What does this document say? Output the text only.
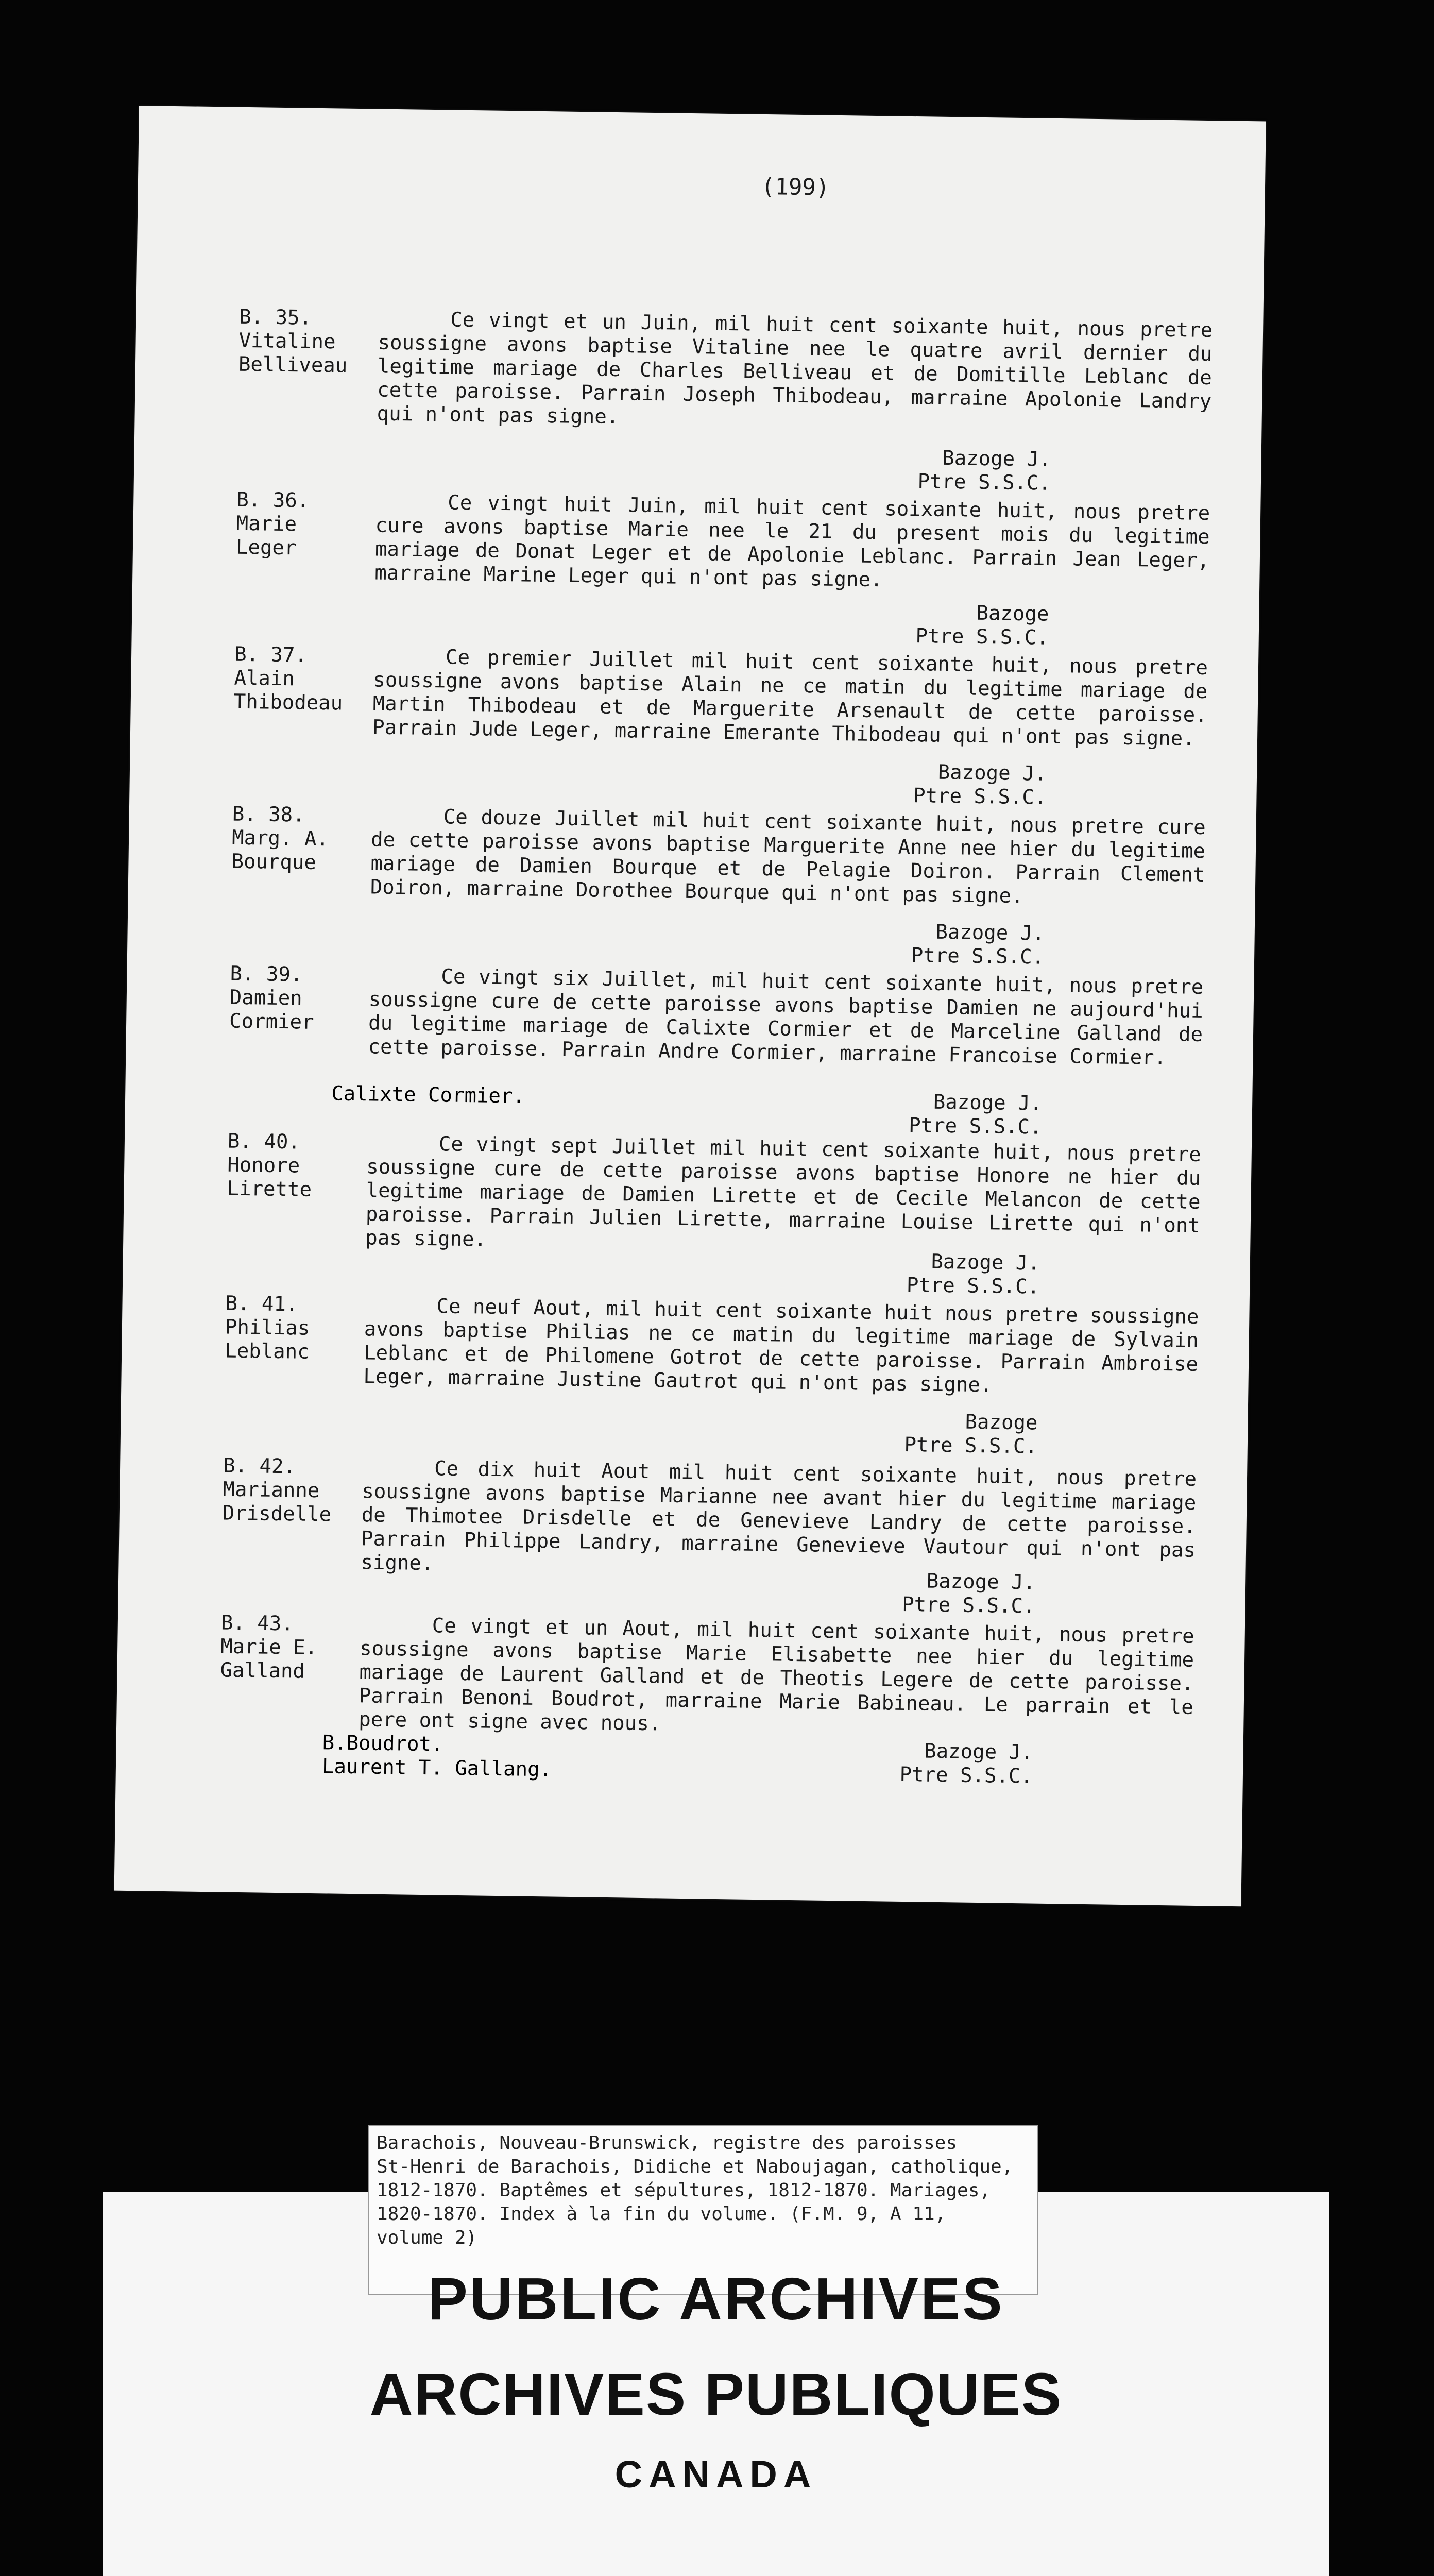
(199)
B. 35.
Vitaline
Belliveau
Ce vingt et un Juin, mil huit cent soixante huit, nous pretre soussigne avons baptise Vitaline nee le quatre avril dernier du legitime mariage de Charles Belliveau et de Domitille Leblanc de cette paroisse. Parrain Joseph Thibodeau, marraine Apolonie Landry qui n'ont pas signe.
Bazoge J.
Ptre S.S.C.
B. 36.
Marie
Leger
Ce vingt huit Juin, mil huit cent soixante huit, nous pretre cure avons baptise Marie nee le 21 du present mois du legitime mariage de Donat Leger et de Apolonie Leblanc. Parrain Jean Leger, marraine Marine Leger qui n'ont pas signe.
Bazoge
Ptre S.S.C.
B. 37.
Alain
Thibodeau
Ce premier Juillet mil huit cent soixante huit, nous pretre soussigne avons baptise Alain ne ce matin du legitime mariage de Martin Thibodeau et de Marguerite Arsenault de cette paroisse. Parrain Jude Leger, marraine Emerante Thibodeau qui n'ont pas signe.
Bazoge J.
Ptre S.S.C.
B. 38.
Marg. A.
Bourque
Ce douze Juillet mil huit cent soixante huit, nous pretre cure de cette paroisse avons baptise Marguerite Anne nee hier du legitime mariage de Damien Bourque et de Pelagie Doiron. Parrain Clement Doiron, marraine Dorothee Bourque qui n'ont pas signe.
Bazoge J.
Ptre S.S.C.
B. 39.
Damien
Cormier
Ce vingt six Juillet, mil huit cent soixante huit, nous pretre soussigne cure de cette paroisse avons baptise Damien ne aujourd'hui du legitime mariage de Calixte Cormier et de Marceline Galland de cette paroisse. Parrain Andre Cormier, marraine Francoise Cormier.
Calixte Cormier.	Bazoge J.
Ptre S.S.C.
B. 40.
Honore
Lirette
Ce vingt sept Juillet mil huit cent soixante huit, nous pretre soussigne cure de cette paroisse avons baptise Honore ne hier du legitime mariage de Damien Lirette et de Cecile Melancon de cette paroisse. Parrain Julien Lirette, marraine Louise Lirette qui n'ont pas signe.
Bazoge J.
Ptre S.S.C.
B. 41.
Philias
Leblanc
Ce neuf Aout, mil huit cent soixante huit nous pretre soussigne avons baptise Philias ne ce matin du legitime mariage de Sylvain Leblanc et de Philomene Gotrot de cette paroisse. Parrain Ambroise Leger, marraine Justine Gautrot qui n'ont pas signe.
Bazoge
Ptre S.S.C.
B. 42.
Marianne
Drisdelle
Ce dix huit Aout mil huit cent soixante huit, nous pretre soussigne avons baptise Marianne nee avant hier du legitime mariage de Thimotee Drisdelle et de Genevieve Landry de cette paroisse. Parrain Philippe Landry, marraine Genevieve Vautour qui n'ont pas signe.
Bazoge J.
Ptre S.S.C.
B. 43.
Marie E.
Galland
Ce vingt et un Aout, mil huit cent soixante huit, nous pretre soussigne avons baptise Marie Elisabette nee hier du legitime mariage de Laurent Galland et de Theotis Legere de cette paroisse. Parrain Benoni Boudrot, marraine Marie Babineau. Le parrain et le pere ont signe avec nous.
B.Boudrot.
Laurent T. Gallang.
Bazoge J.
Ptre S.S.C.
Barachois, Nouveau-Brunswick, registre des paroisses
St-Henri de Barachois, Didiche et Naboujagan, catholique,
1812-1870. Baptêmes et sépultures, 1812-1870. Mariages,
1820-1870. Index à la fin du volume. (F.M. 9, A 11,
volume 2)
PUBLIC ARCHIVES
ARCHIVES PUBLIQUES
CANADA
